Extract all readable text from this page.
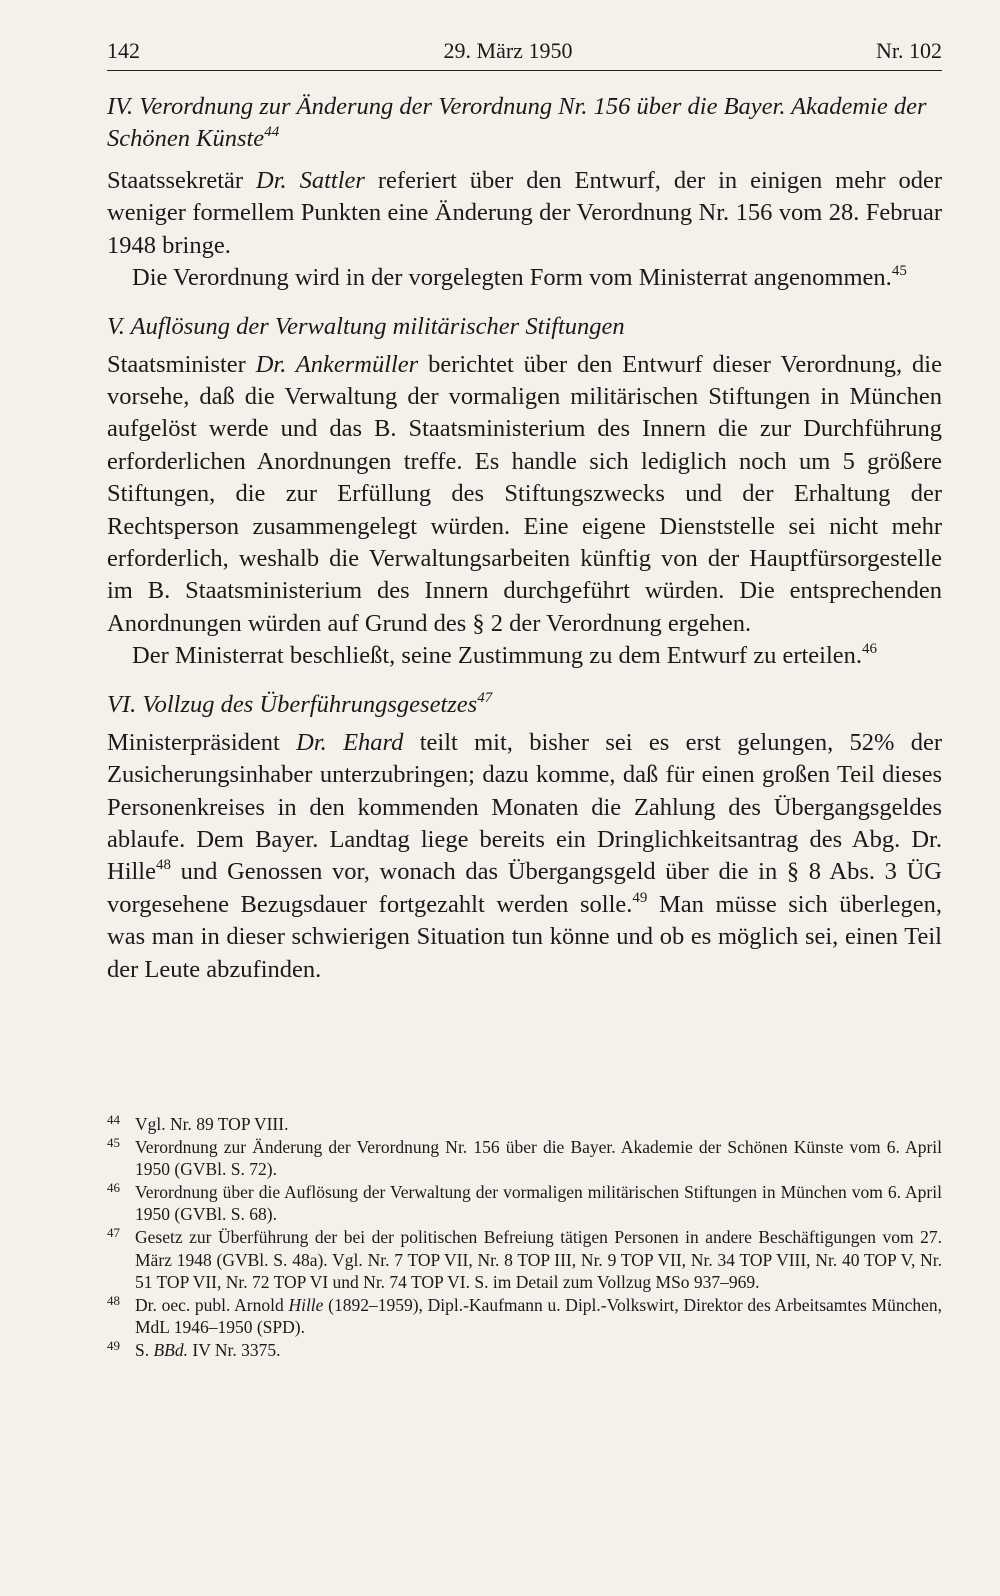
142	29. März 1950	Nr. 102

IV. Verordnung zur Änderung der Verordnung Nr. 156 über die Bayer. Akademie der Schönen Künste$^{44}$

Staatssekretär Dr. Sattler referiert über den Entwurf, der in einigen mehr oder weniger formellem Punkten eine Änderung der Verordnung Nr. 156 vom 28. Februar 1948 bringe.

Die Verordnung wird in der vorgelegten Form vom Ministerrat angenommen.$^{45}$

V. Auflösung der Verwaltung militärischer Stiftungen

Staatsminister Dr. Ankermüller berichtet über den Entwurf dieser Verordnung, die vorsehe, daß die Verwaltung der vormaligen militärischen Stiftungen in München aufgelöst werde und das B. Staatsministerium des Innern die zur Durchführung erforderlichen Anordnungen treffe. Es handle sich lediglich noch um 5 größere Stiftungen, die zur Erfüllung des Stiftungszwecks und der Erhaltung der Rechtsperson zusammengelegt würden. Eine eigene Dienststelle sei nicht mehr erforderlich, weshalb die Verwaltungsarbeiten künftig von der Hauptfürsorgestelle im B. Staatsministerium des Innern durchgeführt würden. Die entsprechenden Anordnungen würden auf Grund des § 2 der Verordnung ergehen.

Der Ministerrat beschließt, seine Zustimmung zu dem Entwurf zu erteilen.$^{46}$

VI. Vollzug des Überführungsgesetzes$^{47}$

Ministerpräsident Dr. Ehard teilt mit, bisher sei es erst gelungen, 52% der Zusicherungsinhaber unterzubringen; dazu komme, daß für einen großen Teil dieses Personenkreises in den kommenden Monaten die Zahlung des Übergangsgeldes ablaufe. Dem Bayer. Landtag liege bereits ein Dringlichkeitsantrag des Abg. Dr. Hille$^{48}$ und Genossen vor, wonach das Übergangsgeld über die in § 8 Abs. 3 ÜG vorgesehene Bezugsdauer fortgezahlt werden solle.$^{49}$ Man müsse sich überlegen, was man in dieser schwierigen Situation tun könne und ob es möglich sei, einen Teil der Leute abzufinden.

44 Vgl. Nr. 89 TOP VIII.
45 Verordnung zur Änderung der Verordnung Nr. 156 über die Bayer. Akademie der Schönen Künste vom 6. April 1950 (GVBl. S. 72).
46 Verordnung über die Auflösung der Verwaltung der vormaligen militärischen Stiftungen in München vom 6. April 1950 (GVBl. S. 68).
47 Gesetz zur Überführung der bei der politischen Befreiung tätigen Personen in andere Beschäftigungen vom 27. März 1948 (GVBl. S. 48a). Vgl. Nr. 7 TOP VII, Nr. 8 TOP III, Nr. 9 TOP VII, Nr. 34 TOP VIII, Nr. 40 TOP V, Nr. 51 TOP VII, Nr. 72 TOP VI und Nr. 74 TOP VI. S. im Detail zum Vollzug MSo 937–969.
48 Dr. oec. publ. Arnold Hille (1892–1959), Dipl.-Kaufmann u. Dipl.-Volkswirt, Direktor des Arbeitsamtes München, MdL 1946–1950 (SPD).
49 S. BBd. IV Nr. 3375.
